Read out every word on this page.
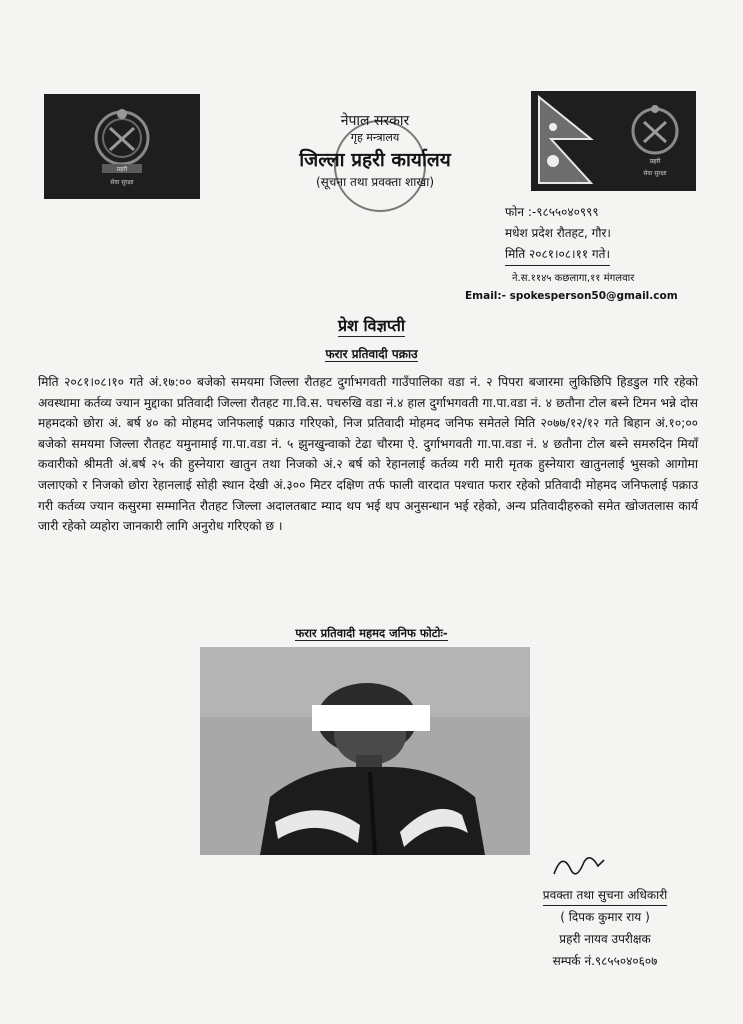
प्रहरी
सेवा सुरक्षा
नेपाल सरकार
गृह मन्त्रालय
जिल्ला प्रहरी कार्यालय
(सूचना तथा प्रवक्ता शाखा)
प्रहरी
सेवा सुरक्षा
फोन :-९८५५०४०९९९
मधेश प्रदेश रौतहट, गौर।
मिति २०८१।०८।११ गते।
ने.स.११४५ कछलागा,११ मंगलवार
Email:- spokesperson50@gmail.com
प्रेश विज्ञप्ती
फरार प्रतिवादी पक्राउ
मिति २०८१।०८।१० गते अं.१७:०० बजेको समयमा जिल्ला रौतहट दुर्गाभगवती गाउँपालिका वडा नं. २ पिपरा बजारमा लुकिछिपि हिडडुल गरि रहेको अवस्थामा कर्तव्य ज्यान मुद्दाका प्रतिवादी जिल्ला रौतहट गा.वि.स. पचरुखि वडा नं.४ हाल दुर्गाभगवती गा.पा.वडा नं. ४ छतौना टोल बस्ने टिमन भन्ने दोस महमदको छोरा अं. बर्ष ४० को मोहमद जनिफलाई पक्राउ गरिएको, निज प्रतिवादी मोहमद जनिफ समेतले मिति २०७७/१२/१२ गते बिहान अं.१०;०० बजेको समयमा जिल्ला रौतहट यमुनामाई गा.पा.वडा नं. ५ झुनखुन्वाको टेढा चौरमा ऐ. दुर्गाभगवती गा.पा.वडा नं. ४ छतौना टोल बस्ने समरुदिन मियाँ कवारीको श्रीमती अं.बर्ष २५ की हुस्नेयारा खातुन तथा निजको अं.२ बर्ष को रेहानलाई कर्तव्य गरी मारी मृतक हुस्नेयारा खातुनलाई भुसको आगोमा जलाएको र निजको छोरा रेहानलाई सोही स्थान देखी अं.३०० मिटर दक्षिण तर्फ फाली वारदात पश्चात फरार रहेको प्रतिवादी मोहमद जनिफलाई पक्राउ गरी कर्तव्य ज्यान कसुरमा सम्मानित रौतहट जिल्ला अदालतबाट म्याद थप भई थप अनुसन्धान भई रहेको, अन्य प्रतिवादीहरुको समेत खोजतलास कार्य जारी रहेको व्यहोरा जानकारी लागि अनुरोध गरिएको छ ।
फरार प्रतिवादी महमद जनिफ फोटोः-
प्रवक्ता तथा सुचना अधिकारी
( दिपक कुमार राय )
प्रहरी नायव उपरीक्षक
सम्पर्क नं.९८५५०४०६०७
